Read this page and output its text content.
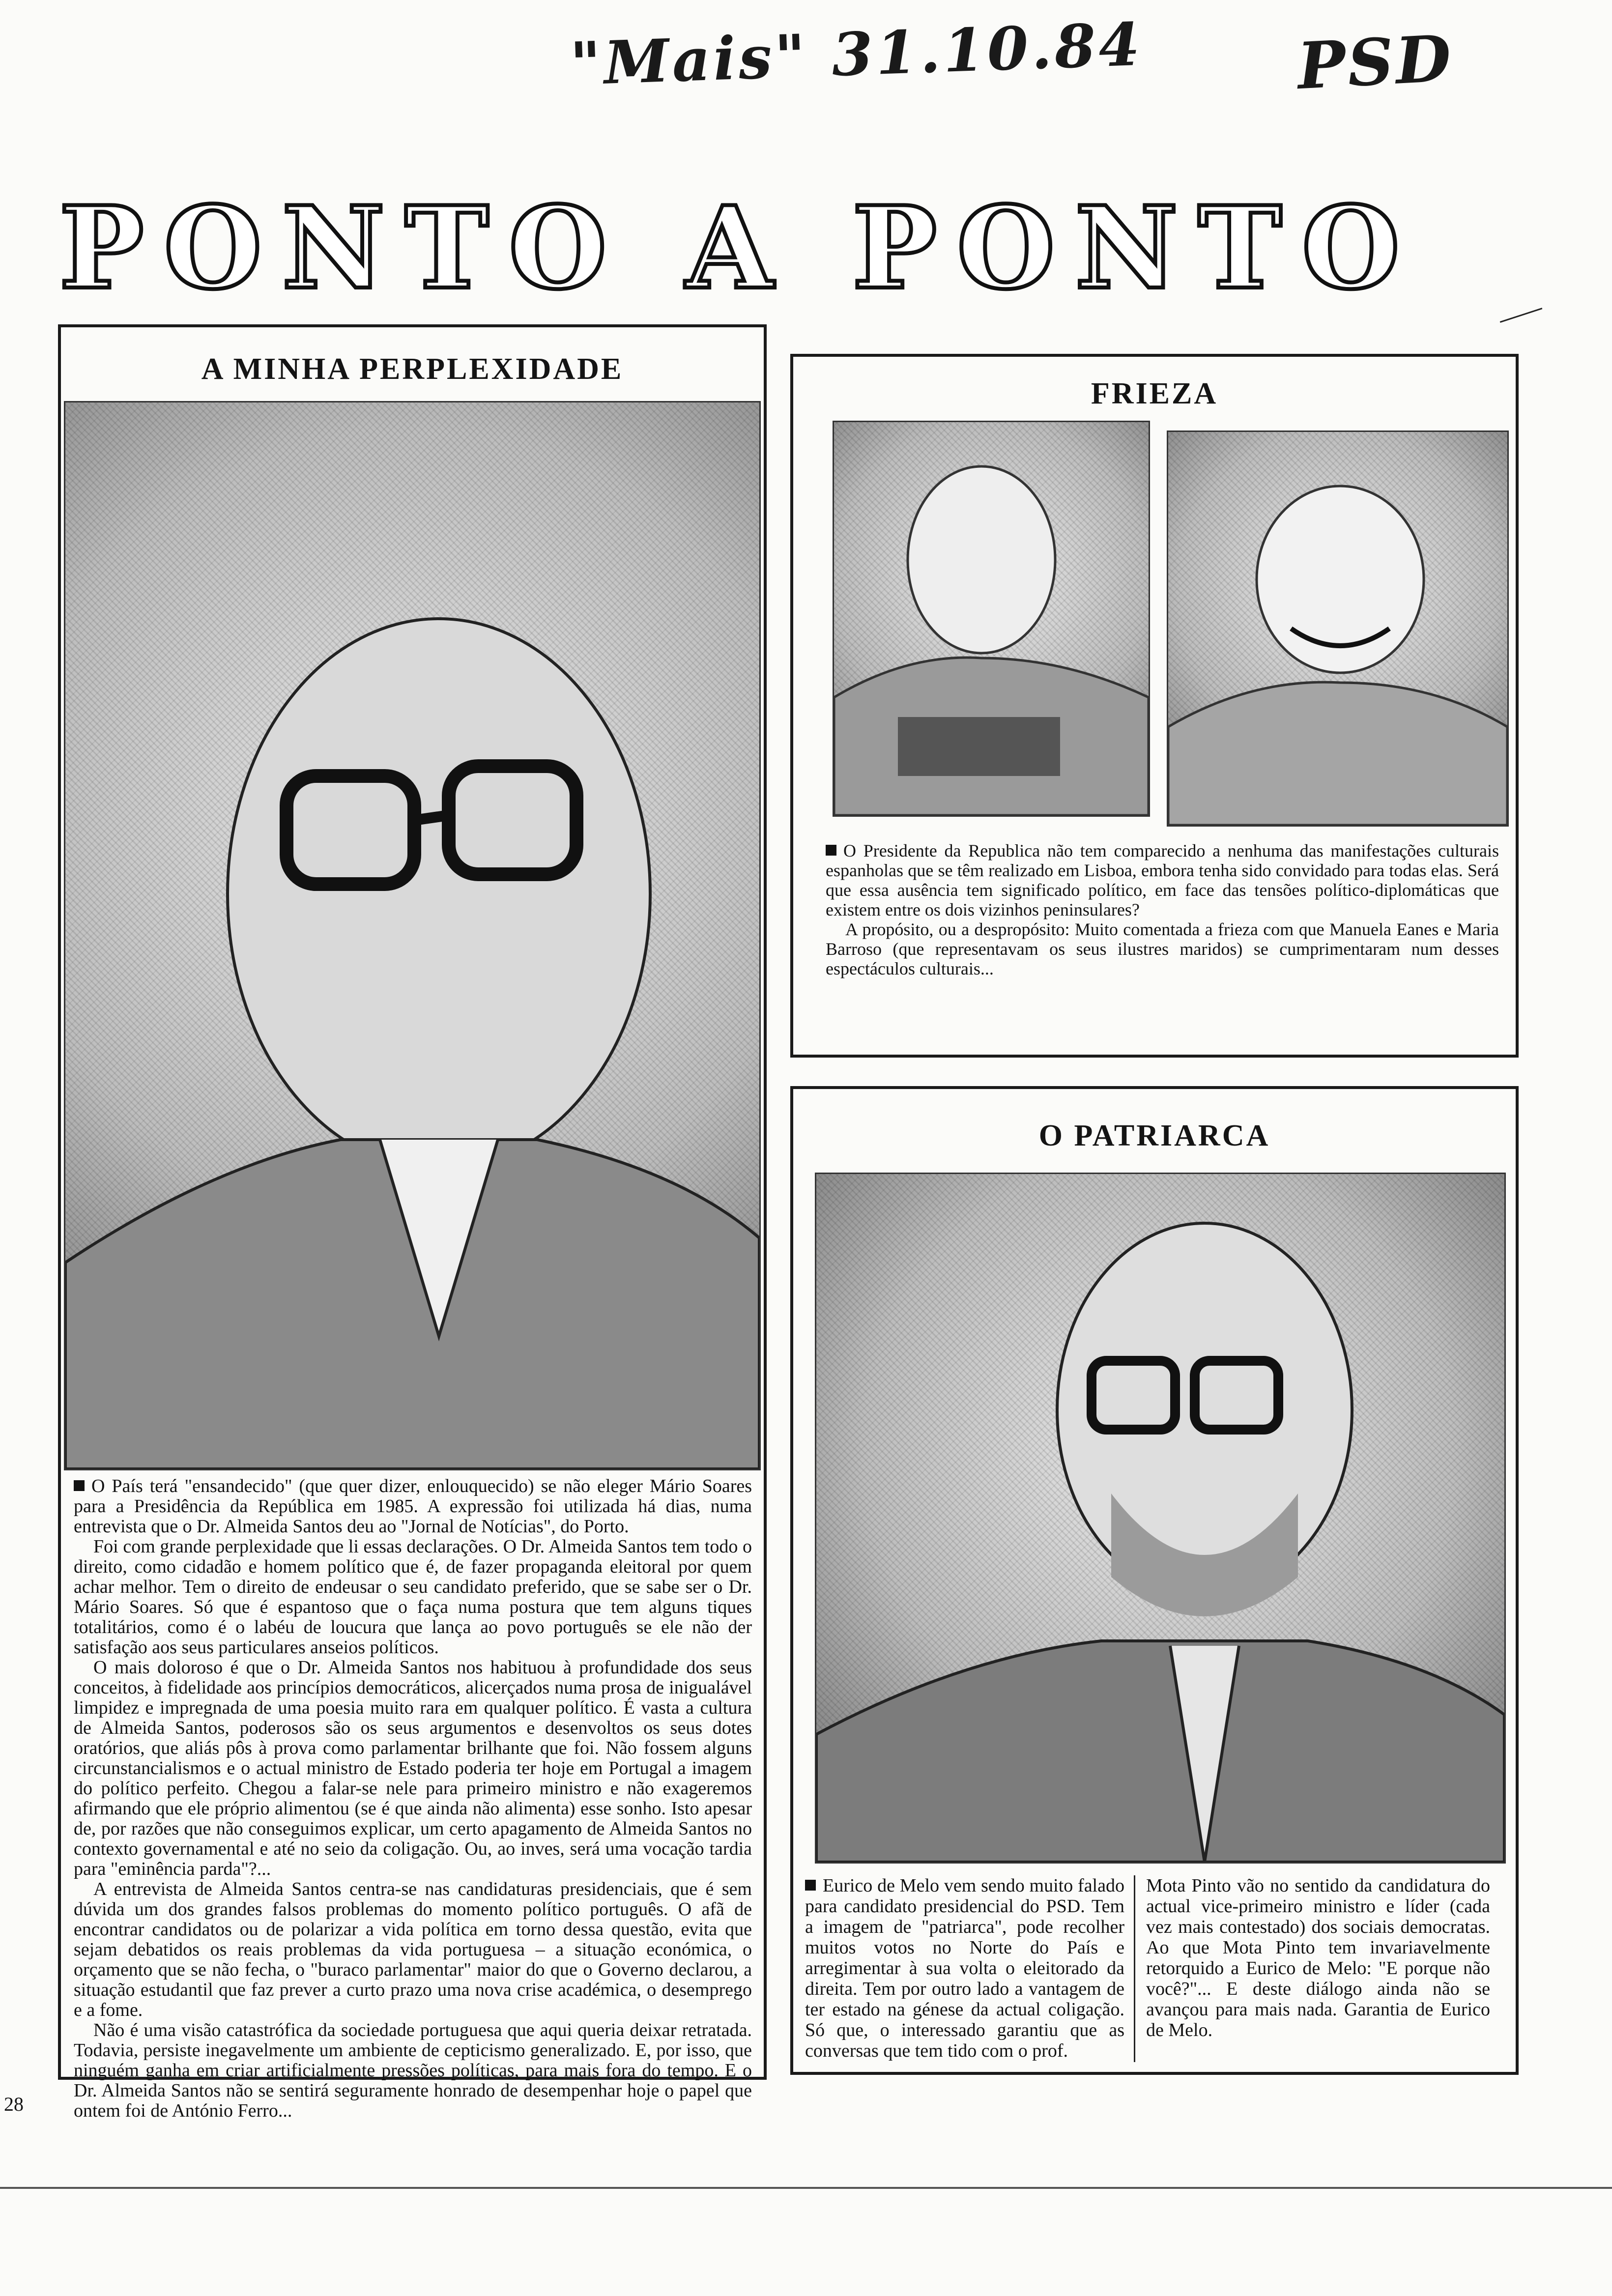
"Mais" 31.10.84 PSD
PONTO A PONTO
A MINHA PERPLEXIDADE

O País terá "ensandecido" (que quer dizer, enlouquecido) se não eleger Mário Soares para a Presidência da República em 1985. A expressão foi utilizada há dias, numa entrevista que o Dr. Almeida Santos deu ao "Jornal de Notícias", do Porto.

Foi com grande perplexidade que li essas declarações. O Dr. Almeida Santos tem todo o direito, como cidadão e homem político que é, de fazer propaganda eleitoral por quem achar melhor. Tem o direito de endeusar o seu candidato preferido, que se sabe ser o Dr. Mário Soares. Só que é espantoso que o faça numa postura que tem alguns tiques totalitários, como é o labéu de loucura que lança ao povo português se ele não der satisfação aos seus particulares anseios políticos.

O mais doloroso é que o Dr. Almeida Santos nos habituou à profundidade dos seus conceitos, à fidelidade aos princípios democráticos, alicerçados numa prosa de inigualável limpidez e impregnada de uma poesia muito rara em qualquer político. É vasta a cultura de Almeida Santos, poderosos são os seus argumentos e desenvoltos os seus dotes oratórios, que aliás pôs à prova como parlamentar brilhante que foi. Não fossem alguns circunstancialismos e o actual ministro de Estado poderia ter hoje em Portugal a imagem do político perfeito. Chegou a falar-se nele para primeiro ministro e não exageremos afirmando que ele próprio alimentou (se é que ainda não alimenta) esse sonho. Isto apesar de, por razões que não conseguimos explicar, um certo apagamento de Almeida Santos no contexto governamental e até no seio da coligação. Ou, ao inves, será uma vocação tardia para "eminência parda"?...

A entrevista de Almeida Santos centra-se nas candidaturas presidenciais, que é sem dúvida um dos grandes falsos problemas do momento político português. O afã de encontrar candidatos ou de polarizar a vida política em torno dessa questão, evita que sejam debatidos os reais problemas da vida portuguesa – a situação económica, o orçamento que se não fecha, o "buraco parlamentar" maior do que o Governo declarou, a situação estudantil que faz prever a curto prazo uma nova crise académica, o desemprego e a fome.

Não é uma visão catastrófica da sociedade portuguesa que aqui queria deixar retratada. Todavia, persiste inegavelmente um ambiente de cepticismo generalizado. E, por isso, que ninguém ganha em criar artificialmente pressões políticas, para mais fora do tempo. E o Dr. Almeida Santos não se sentirá seguramente honrado de desempenhar hoje o papel que ontem foi de António Ferro...

FRIEZA

O Presidente da Republica não tem comparecido a nenhuma das manifestações culturais espanholas que se têm realizado em Lisboa, embora tenha sido convidado para todas elas. Será que essa ausência tem significado político, em face das tensões político-diplomáticas que existem entre os dois vizinhos peninsulares?

A propósito, ou a despropósito: Muito comentada a frieza com que Manuela Eanes e Maria Barroso (que representavam os seus ilustres maridos) se cumprimentaram num desses espectáculos culturais...

O PATRIARCA

Eurico de Melo vem sendo muito falado para candidato presidencial do PSD. Tem a imagem de "patriarca", pode recolher muitos votos no Norte do País e arregimentar à sua volta o eleitorado da direita. Tem por outro lado a vantagem de ter estado na génese da actual coligação. Só que, o interessado garantiu que as conversas que tem tido com o prof.

Mota Pinto vão no sentido da candidatura do actual vice-primeiro ministro e líder (cada vez mais contestado) dos sociais democratas. Ao que Mota Pinto tem invariavelmente retorquido a Eurico de Melo: "E porque não você?"... E deste diálogo ainda não se avançou para mais nada. Garantia de Eurico de Melo.

28
